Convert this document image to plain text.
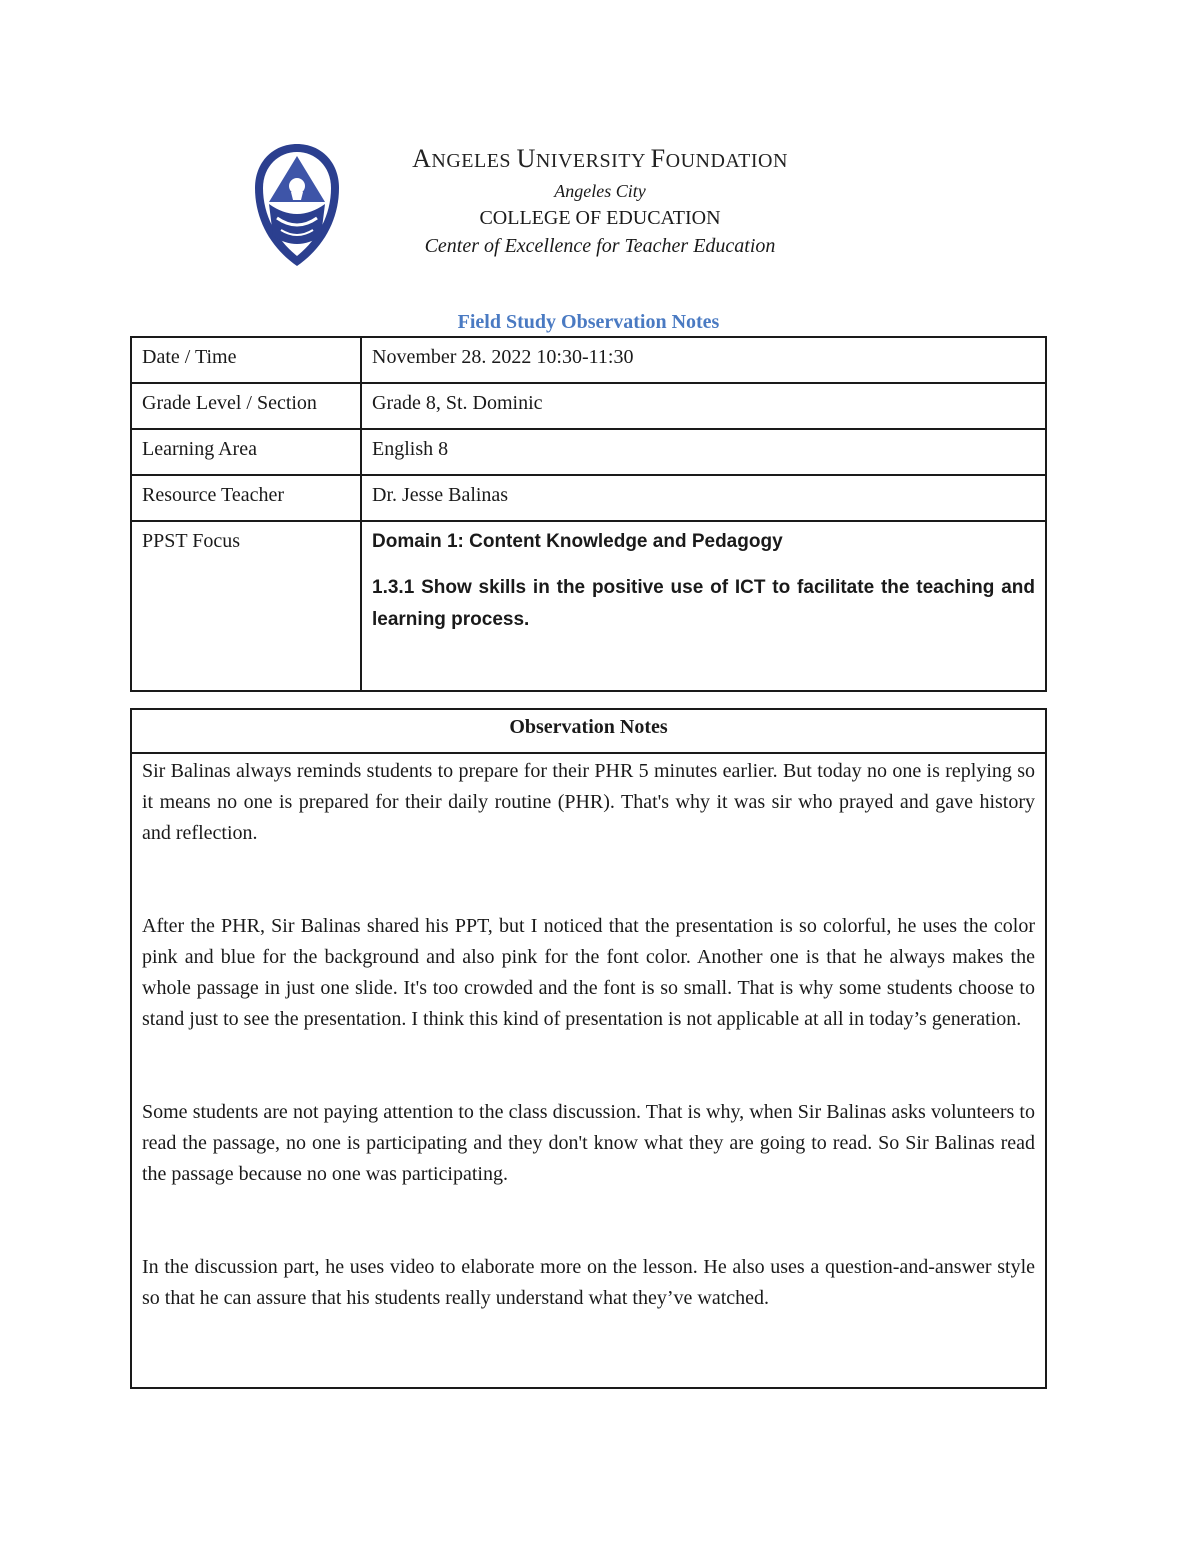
ANGELES UNIVERSITY FOUNDATION
Angeles City
COLLEGE OF EDUCATION
Center of Excellence for Teacher Education
Field Study Observation Notes
Date / Time	November 28. 2022 10:30-11:30
Grade Level / Section	Grade 8, St. Dominic
Learning Area	English 8
Resource Teacher	Dr. Jesse Balinas
PPST Focus	Domain 1: Content Knowledge and Pedagogy
1.3.1 Show skills in the positive use of ICT to facilitate the teaching and learning process.
Observation Notes

Sir Balinas always reminds students to prepare for their PHR 5 minutes earlier. But today no one is replying so it means no one is prepared for their daily routine (PHR). That's why it was sir who prayed and gave history and reflection.

After the PHR, Sir Balinas shared his PPT, but I noticed that the presentation is so colorful, he uses the color pink and blue for the background and also pink for the font color. Another one is that he always makes the whole passage in just one slide. It's too crowded and the font is so small. That is why some students choose to stand just to see the presentation. I think this kind of presentation is not applicable at all in today’s generation.

Some students are not paying attention to the class discussion. That is why, when Sir Balinas asks volunteers to read the passage, no one is participating and they don't know what they are going to read. So Sir Balinas read the passage because no one was participating.

In the discussion part, he uses video to elaborate more on the lesson. He also uses a question-and-answer style so that he can assure that his students really understand what they’ve watched.
